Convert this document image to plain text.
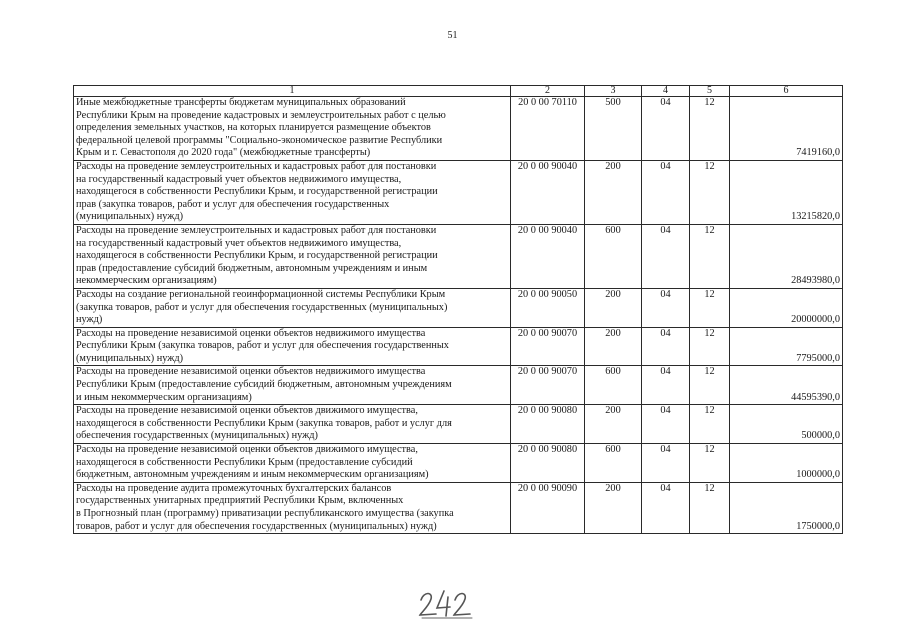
51
1	2	3	4	5	6

Иные межбюджетные трансферты бюджетам муниципальных образований
Республики Крым на проведение кадастровых и землеустроительных работ с целью
определения земельных участков, на которых планируется размещение объектов
федеральной целевой программы "Социально-экономическое развитие Республики
Крым и г. Севастополя до 2020 года" (межбюджетные трансферты)	20 0 00 70110	500	04	12	7419160,0

Расходы на проведение землеустроительных и кадастровых работ для постановки
на государственный кадастровый учет объектов недвижимого имущества,
находящегося в собственности Республики Крым, и государственной регистрации
прав (закупка товаров, работ и услуг для обеспечения государственных
(муниципальных) нужд)	20 0 00 90040	200	04	12	13215820,0

Расходы на проведение землеустроительных и кадастровых работ для постановки
на государственный кадастровый учет объектов недвижимого имущества,
находящегося в собственности Республики Крым, и государственной регистрации
прав (предоставление субсидий бюджетным, автономным учреждениям и иным
некоммерческим организациям)	20 0 00 90040	600	04	12	28493980,0

Расходы на создание региональной геоинформационной системы Республики Крым
(закупка товаров, работ и услуг для обеспечения государственных (муниципальных)
нужд)	20 0 00 90050	200	04	12	20000000,0

Расходы на проведение независимой оценки объектов недвижимого имущества
Республики Крым (закупка товаров, работ и услуг для обеспечения государственных
(муниципальных) нужд)	20 0 00 90070	200	04	12	7795000,0

Расходы на проведение независимой оценки объектов недвижимого имущества
Республики Крым (предоставление субсидий бюджетным, автономным учреждениям
и иным некоммерческим организациям)	20 0 00 90070	600	04	12	44595390,0

Расходы на проведение независимой оценки объектов движимого имущества,
находящегося в собственности Республики Крым (закупка товаров, работ и услуг для
обеспечения государственных (муниципальных) нужд)	20 0 00 90080	200	04	12	500000,0

Расходы на проведение независимой оценки объектов движимого имущества,
находящегося в собственности Республики Крым (предоставление субсидий
бюджетным, автономным учреждениям и иным некоммерческим организациям)	20 0 00 90080	600	04	12	1000000,0

Расходы на проведение аудита промежуточных бухгалтерских балансов
государственных унитарных предприятий Республики Крым, включенных
в Прогнозный план (программу) приватизации республиканского имущества (закупка
товаров, работ и услуг для обеспечения государственных (муниципальных) нужд)	20 0 00 90090	200	04	12	1750000,0
